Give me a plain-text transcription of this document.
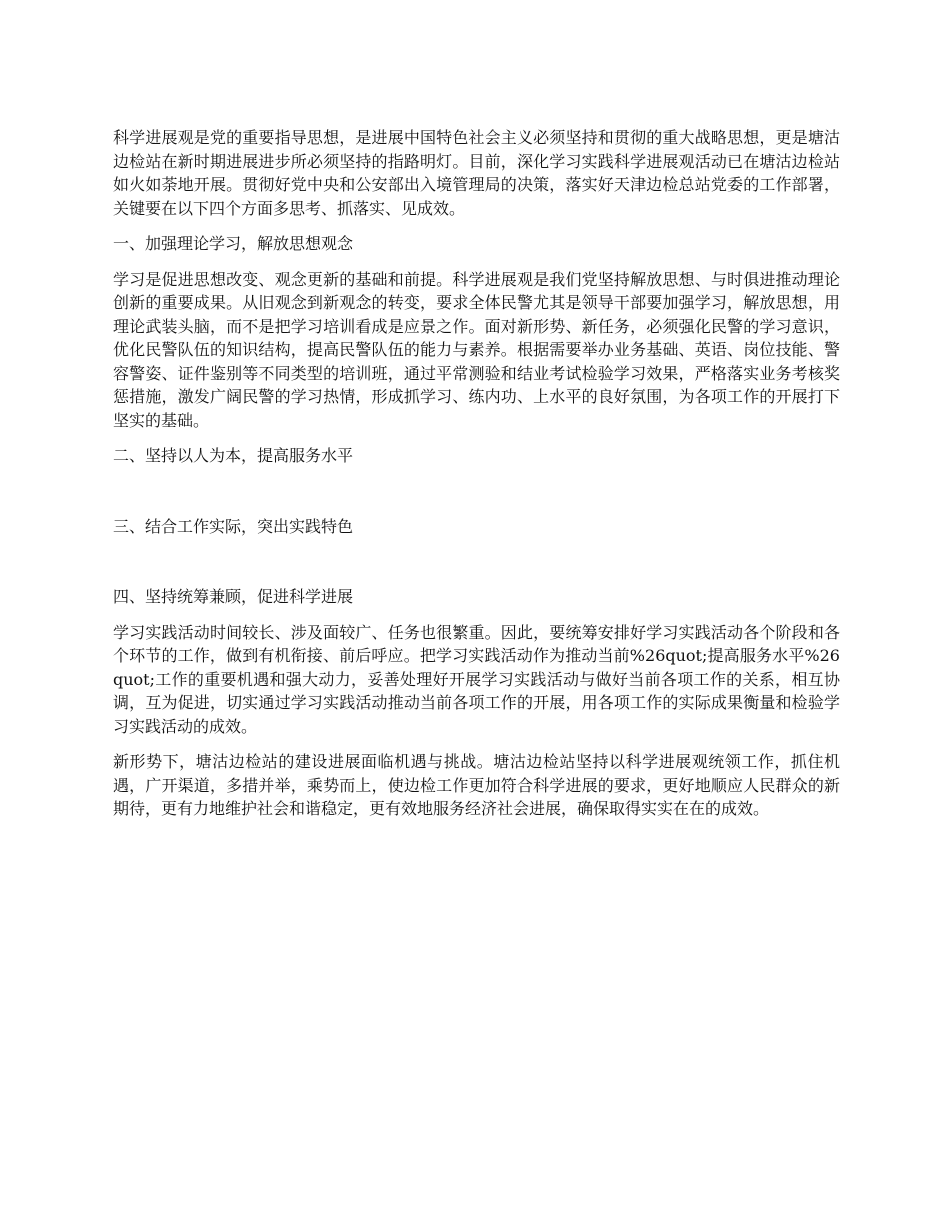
科学进展观是党的重要指导思想，是进展中国特色社会主义必须坚持和贯彻的重大战略思想，更是塘沽边检站在新时期进展进步所必须坚持的指路明灯。目前，深化学习实践科学进展观活动已在塘沽边检站如火如荼地开展。贯彻好党中央和公安部出入境管理局的决策，落实好天津边检总站党委的工作部署，关键要在以下四个方面多思考、抓落实、见成效。

一、加强理论学习，解放思想观念

学习是促进思想改变、观念更新的基础和前提。科学进展观是我们党坚持解放思想、与时俱进推动理论创新的重要成果。从旧观念到新观念的转变，要求全体民警尤其是领导干部要加强学习，解放思想，用理论武装头脑，而不是把学习培训看成是应景之作。面对新形势、新任务，必须强化民警的学习意识，优化民警队伍的知识结构，提高民警队伍的能力与素养。根据需要举办业务基础、英语、岗位技能、警容警姿、证件鉴别等不同类型的培训班，通过平常测验和结业考试检验学习效果，严格落实业务考核奖惩措施，激发广阔民警的学习热情，形成抓学习、练内功、上水平的良好氛围，为各项工作的开展打下坚实的基础。

二、坚持以人为本，提高服务水平

三、结合工作实际，突出实践特色

四、坚持统筹兼顾，促进科学进展

学习实践活动时间较长、涉及面较广、任务也很繁重。因此，要统筹安排好学习实践活动各个阶段和各个环节的工作，做到有机衔接、前后呼应。把学习实践活动作为推动当前%26quot;提高服务水平%26quot;工作的重要机遇和强大动力，妥善处理好开展学习实践活动与做好当前各项工作的关系，相互协调，互为促进，切实通过学习实践活动推动当前各项工作的开展，用各项工作的实际成果衡量和检验学习实践活动的成效。

新形势下，塘沽边检站的建设进展面临机遇与挑战。塘沽边检站坚持以科学进展观统领工作，抓住机遇，广开渠道，多措并举，乘势而上，使边检工作更加符合科学进展的要求，更好地顺应人民群众的新期待，更有力地维护社会和谐稳定，更有效地服务经济社会进展，确保取得实实在在的成效。
